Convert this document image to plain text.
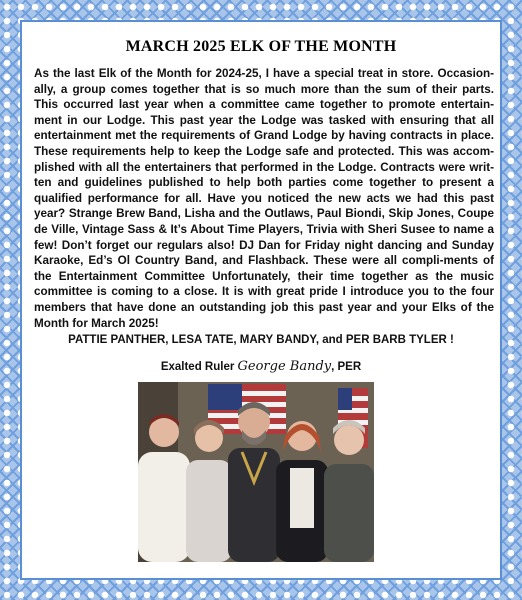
MARCH 2025 ELK OF THE MONTH
As the last Elk of the Month for 2024-25, I have a special treat in store. Occasion-ally, a group comes together that is so much more than the sum of their parts. This occurred last year when a committee came together to promote entertain-ment in our Lodge. This past year the Lodge was tasked with ensuring that all entertainment met the requirements of Grand Lodge by having contracts in place. These requirements help to keep the Lodge safe and protected. This was accom-plished with all the entertainers that performed in the Lodge. Contracts were writ-ten and guidelines published to help both parties come together to present a qualified performance for all. Have you noticed the new acts we had this past year? Strange Brew Band, Lisha and the Outlaws, Paul Biondi, Skip Jones, Coupe de Ville, Vintage Sass & It’s About Time Players, Trivia with Sheri Susee to name a few! Don’t forget our regulars also! DJ Dan for Friday night dancing and Sunday Karaoke, Ed’s Ol Country Band, and Flashback. These were all compli-ments of the Entertainment Committee Unfortunately, their time together as the music committee is coming to a close. It is with great pride I introduce you to the four members that have done an outstanding job this past year and your Elks of the Month for March 2025!
PATTIE PANTHER, LESA TATE, MARY BANDY, and PER BARB TYLER !
Exalted Ruler George Bandy, PER
